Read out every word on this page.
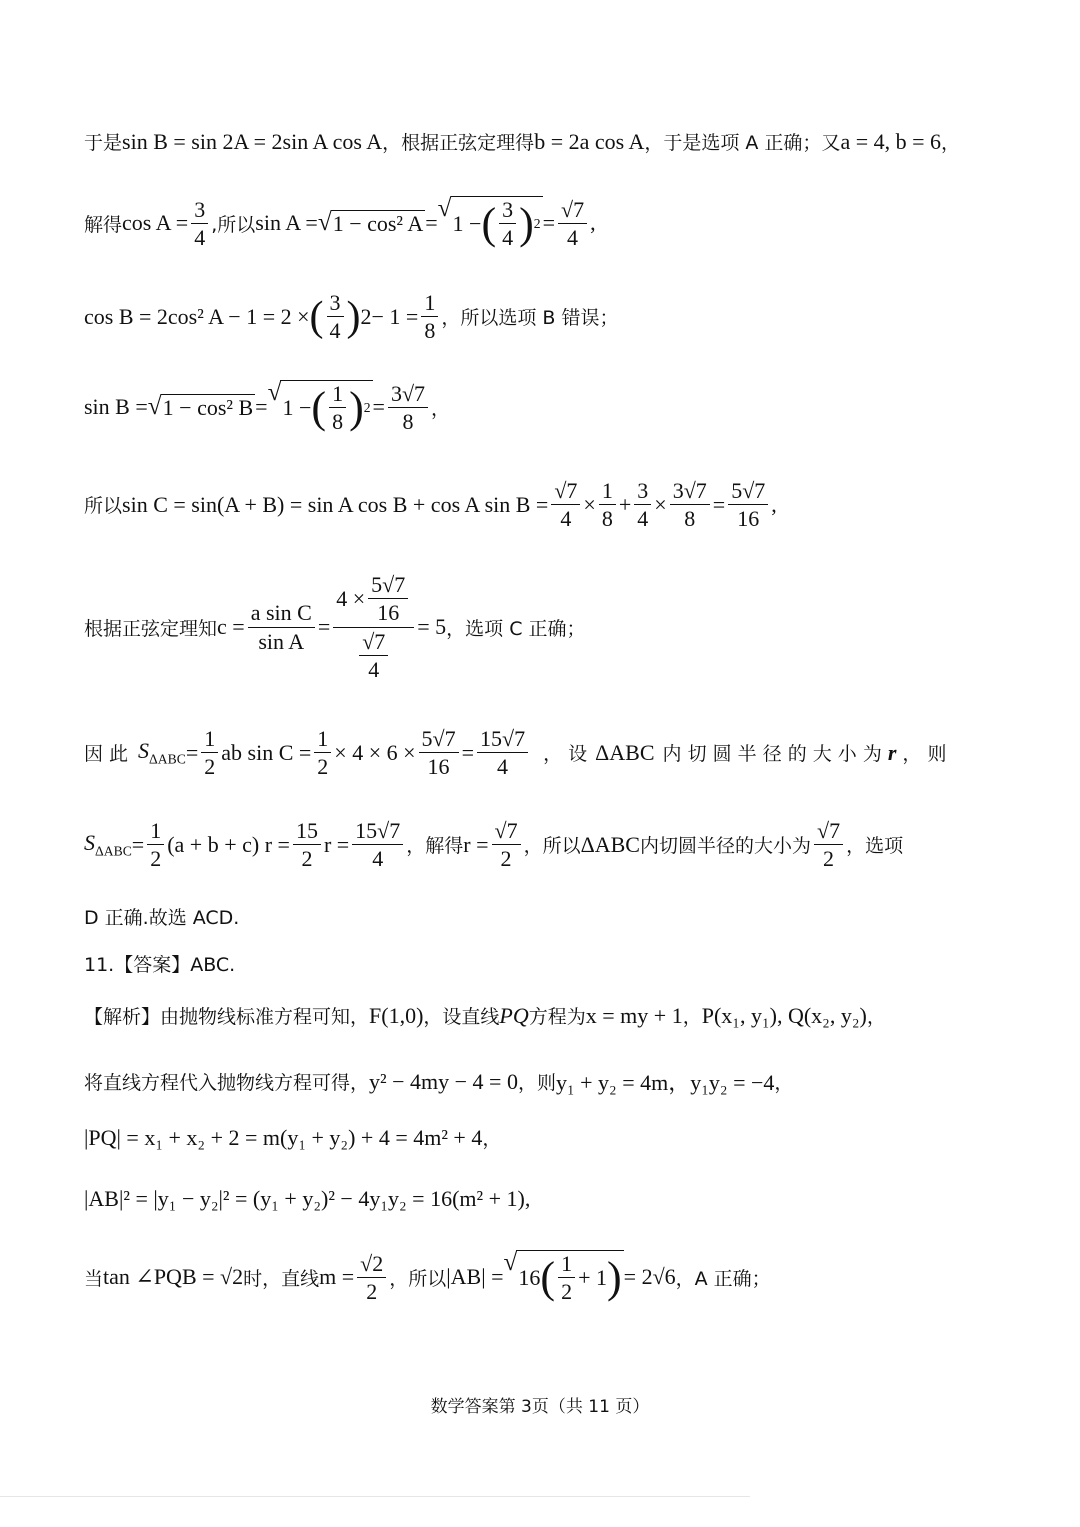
于是 sin B = sin 2A = 2sin A cos A ，根据正弦定理得 b = 2a cos A ，于是选项 A 正确；又 a = 4, b = 6 ，
解得 $\cos A = \frac{3}{4}$ ,所以 sin A = √ 1 − cos² A =
√
1 − ( $\frac{3}{4}$ ) $2 = \frac{√7}{4}$ ,
cos B = 2cos² A − 1 = 2 × ( $\frac{3}{4}$ ) $2 - 1 = \frac{1}{8}$ ，所以选项 B 错误；
sin B = √ 1 − cos² B =
√
1 − ( $\frac{1}{8}$ ) $2 = \frac{3√7}{8}$ ，
所以 sin C = sin(A + B) = sin A cos B + cos A $\sin B = \frac{√7}{4} \times \frac{1}{8} + \frac{3}{4} \times \frac{3√7}{8} = \frac{5√7}{16}$ ,
根据正弦定理知 $c = \frac{\text{a sin C}}{\text{sin A}} = \frac{4 \times \frac{5√7}{16}}{\frac{√7}{4}} = 5$ ，选项 C 正确；
因 此 $S_{\Delta ABC} = \frac{1}{2}$ ab $\sin C = \frac{1}{2} \times 4 \times 6 \times \frac{5√7}{16} = \frac{15√7}{4}$ ， 设 ΔABC 内 切 圆 半 径 的 大 小 为 r ， 则
$S_{\Delta ABC} = \frac{1}{2} (a + b + c) r = \frac{15}{2}$ $r = \frac{15√7}{4}$ ，解得 $r = \frac{√7}{2}$ ，所以 ΔABC 内切圆半径的大小为 $\frac{√7}{2}$ ，选项
D 正确.故选 ACD.
11.【答案】ABC.
【解析】由抛物线标准方程可知， F(1,0) ，设直线 PQ 方程为 x = my + 1 ， P(x₁, y₁), Q(x₂, y₂) ，
将直线方程代入抛物线方程可得， y² − 4my − 4 = 0 ，则 y₁ + y₂ = 4m，y₁y₂ = −4 ，
|PQ| = x₁ + x₂ + 2 = m(y₁ + y₂) + 4 = 4m² + 4 ，
|AB|² = |y₁ − y₂|² = (y₁ + y₂)² − 4y₁y₂ = 16(m² + 1) ,
当 tan ∠PQB = √2 时，直线 $m = \frac{√2}{2}$ ，所以 |AB| =
√
16 ( $\frac{1}{2} + 1$ ) = 2√6 ，A 正确；
数学答案第 3页（共 11 页）
